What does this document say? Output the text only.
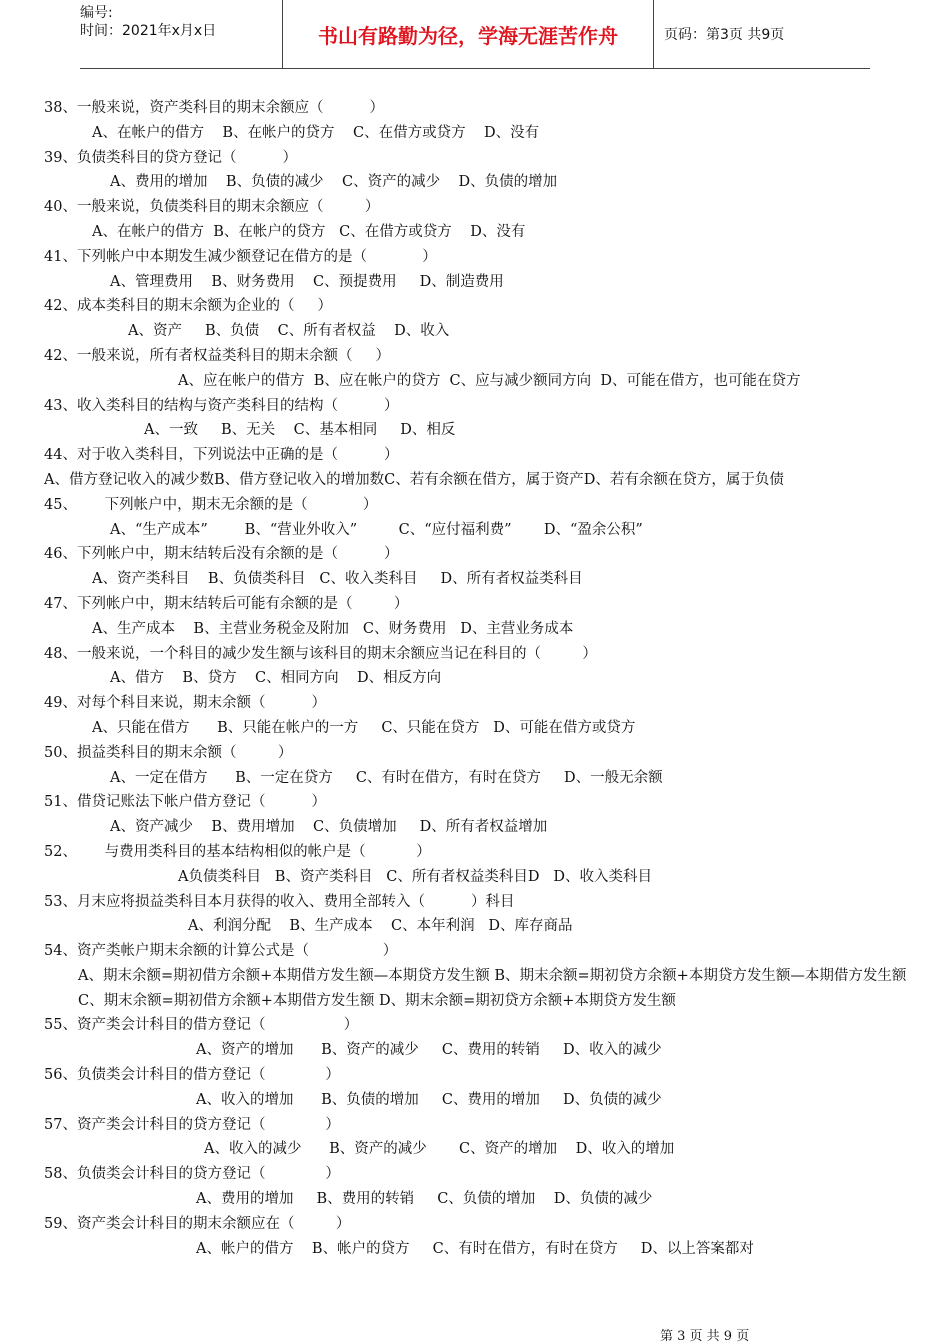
编号:
时间：2021年x月x日	书山有路勤为径，学海无涯苦作舟	页码：第3页 共9页
38、一般来说，资产类科目的期末余额应（          ）
A、在帐户的借方    B、在帐户的贷方    C、在借方或贷方    D、没有
39、负债类科目的贷方登记（          ）
A、费用的增加    B、负债的减少    C、资产的减少    D、负债的增加
40、一般来说，负债类科目的期末余额应（         ）
A、在帐户的借方  B、在帐户的贷方   C、在借方或贷方    D、没有
41、下列帐户中本期发生减少额登记在借方的是（            ）
A、管理费用    B、财务费用    C、预提费用     D、制造费用
42、成本类科目的期末余额为企业的（     ）
A、资产     B、负债    C、所有者权益    D、收入
42、一般来说，所有者权益类科目的期末余额（     ）
A、应在帐户的借方  B、应在帐户的贷方  C、应与减少额同方向  D、可能在借方，也可能在贷方
43、收入类科目的结构与资产类科目的结构（          ）
A、一致     B、无关    C、基本相同     D、相反
44、对于收入类科目，下列说法中正确的是（          ）
A、借方登记收入的减少数B、借方登记收入的增加数C、若有余额在借方，属于资产D、若有余额在贷方，属于负债
45、      下列帐户中，期末无余额的是（            ）
A、“生产成本”        B、“营业外收入”         C、“应付福利费”       D、“盈余公积”
46、下列帐户中，期末结转后没有余额的是（          ）
A、资产类科目    B、负债类科目   C、收入类科目     D、所有者权益类科目
47、下列帐户中，期末结转后可能有余额的是（         ）
A、生产成本    B、主营业务税金及附加   C、财务费用   D、主营业务成本
48、一般来说，一个科目的减少发生额与该科目的期末余额应当记在科目的（         ）
A、借方    B、贷方    C、相同方向    D、相反方向
49、对每个科目来说，期末余额（          ）
A、只能在借方      B、只能在帐户的一方     C、只能在贷方   D、可能在借方或贷方
50、损益类科目的期末余额（         ）
A、一定在借方      B、一定在贷方     C、有时在借方，有时在贷方     D、一般无余额
51、借贷记账法下帐户借方登记（          ）
A、资产减少    B、费用增加    C、负债增加     D、所有者权益增加
52、      与费用类科目的基本结构相似的帐户是（           ）
A负债类科目   B、资产类科目   C、所有者权益类科目D   D、收入类科目
53、月末应将损益类科目本月获得的收入、费用全部转入（          ）科目
A、利润分配    B、生产成本    C、本年利润   D、库存商品
54、资产类帐户期末余额的计算公式是（                ）
A、期末余额=期初借方余额+本期借方发生额—本期贷方发生额 B、期末余额=期初贷方余额+本期贷方发生额—本期借方发生额 C、期末余额=期初借方余额+本期借方发生额 D、期末余额=期初贷方余额+本期贷方发生额
55、资产类会计科目的借方登记（                 ）
A、资产的增加      B、资产的减少     C、费用的转销     D、收入的减少
56、负债类会计科目的借方登记（             ）
A、收入的增加      B、负债的增加     C、费用的增加     D、负债的减少
57、资产类会计科目的贷方登记（             ）
A、收入的减少      B、资产的减少       C、资产的增加    D、收入的增加
58、负债类会计科目的贷方登记（             ）
A、费用的增加     B、费用的转销     C、负债的增加    D、负债的减少
59、资产类会计科目的期末余额应在（         ）
A、帐户的借方    B、帐户的贷方     C、有时在借方，有时在贷方     D、以上答案都对
第 3 页 共 9 页
